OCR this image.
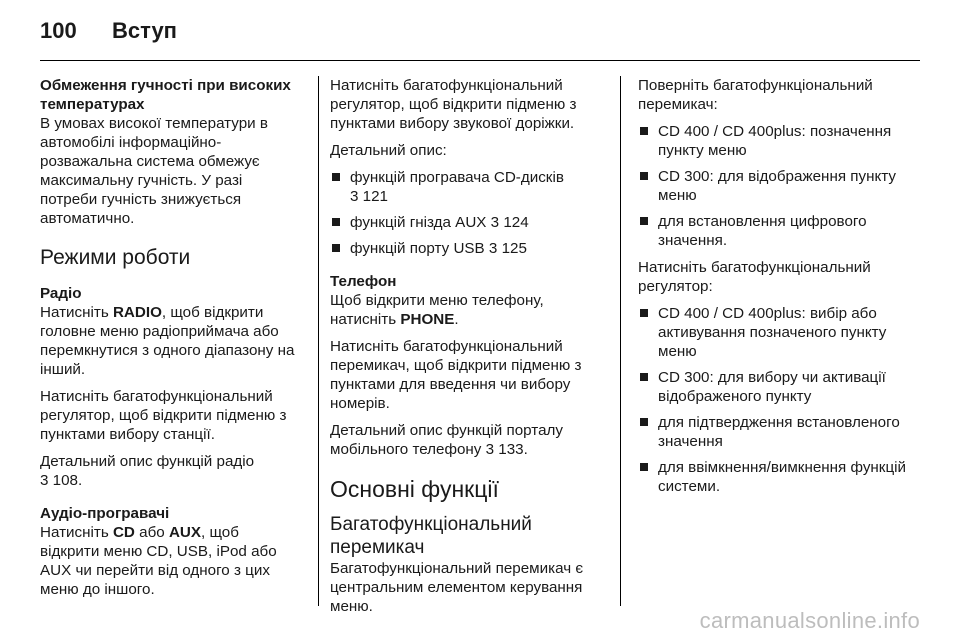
100	Вступ
Обмеження гучності при високих температурах

В умовах високої температури в автомобілі інформаційно-розважальна система обмежує максимальну гучність. У разі потреби гучність знижується автоматично.

Режими роботи
Радіо

Натисніть RADIO, щоб відкрити головне меню радіоприймача або перемкнутися з одного діапазону на інший.

Натисніть багатофункціональний регулятор, щоб відкрити підменю з пунктами вибору станції.

Детальний опис функцій радіо
3 108.

Аудіо-програвачі

Натисніть CD або AUX, щоб відкрити меню CD, USB, iPod або AUX чи перейти від одного з цих меню до іншого.

Натисніть багатофункціональний регулятор, щоб відкрити підменю з пунктами вибору звукової доріжки.

Детальний опис:

функцій програвача CD-дисків
3 121
функцій гнізда AUX 3 124
функцій порту USB 3 125
Телефон

Щоб відкрити меню телефону, натисніть PHONE.

Натисніть багатофункціональний перемикач, щоб відкрити підменю з пунктами для введення чи вибору номерів.

Детальний опис функцій порталу мобільного телефону 3 133.

Основні функції
Багатофункціональний перемикач

Багатофункціональний перемикач є центральним елементом керування меню.

Поверніть багатофункціональний перемикач:

CD 400 / CD 400plus: позначення пункту меню
CD 300: для відображення пункту меню
для встановлення цифрового значення.

Натисніть багатофункціональний регулятор:

CD 400 / CD 400plus: вибір або активування позначеного пункту меню
CD 300: для вибору чи активації відображеного пункту
для підтвердження встановленого значення
для ввімкнення/вимкнення функцій системи.
carmanualsonline.info
